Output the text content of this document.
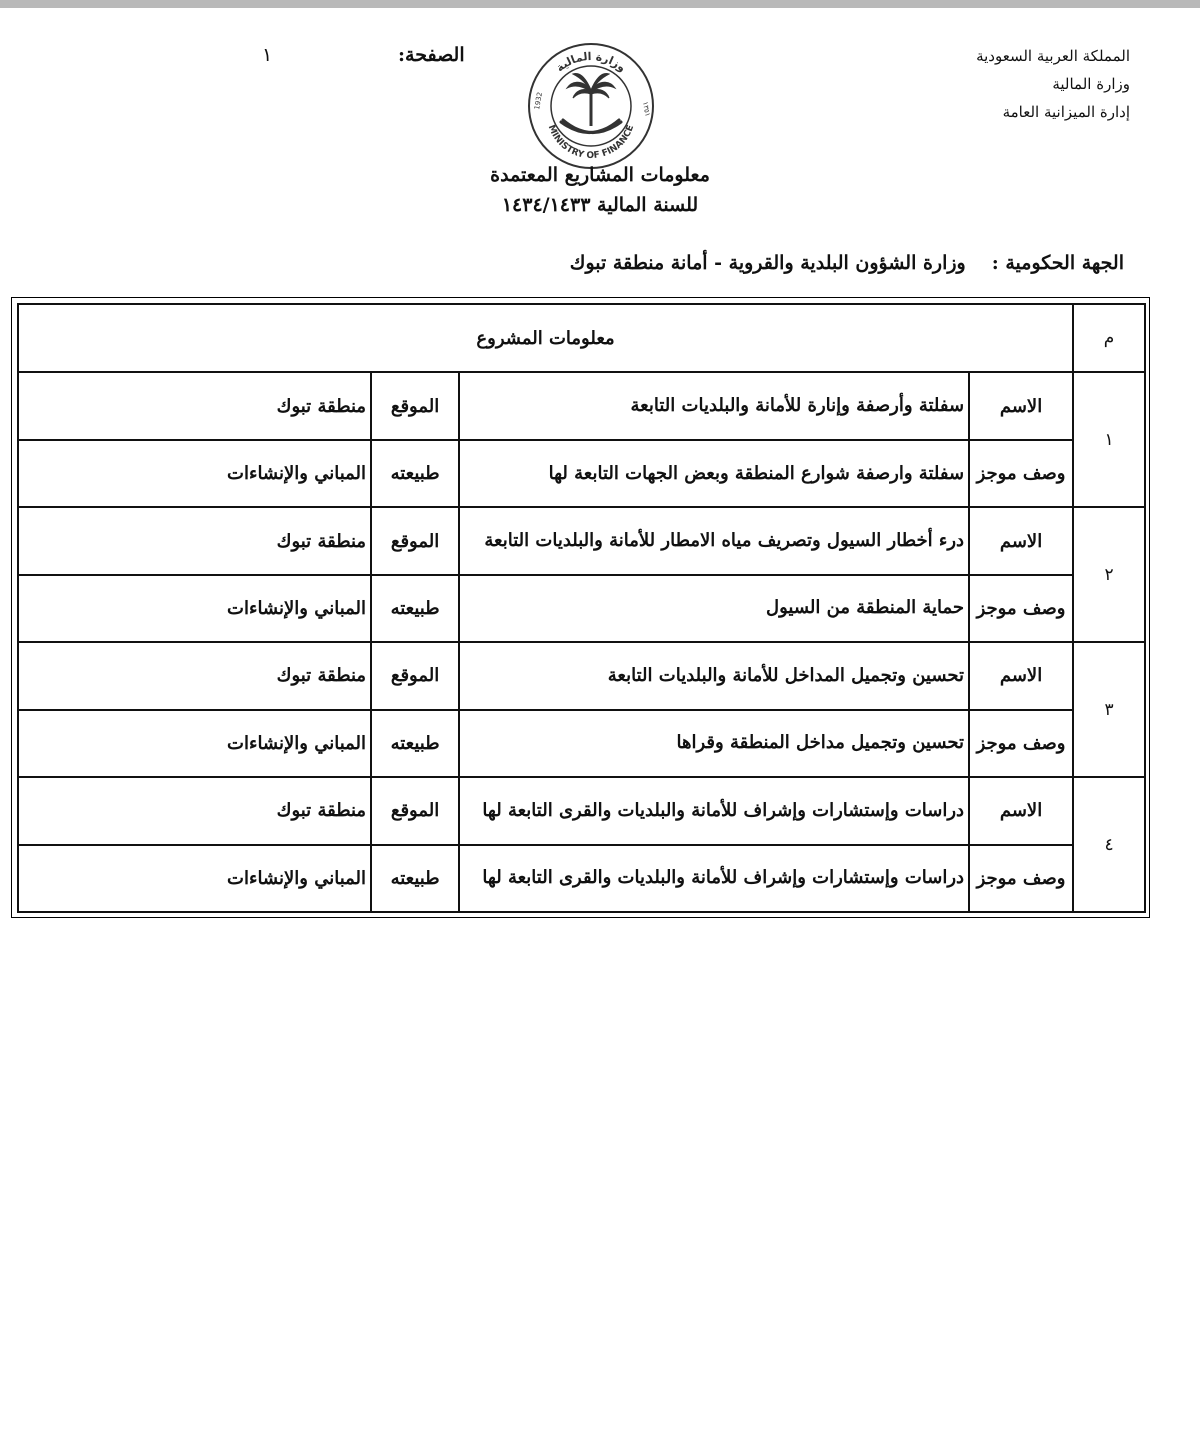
المملكة العربية السعودية
وزارة المالية
إدارة الميزانية العامة
الصفحة:
١
وزارة المالية
MINISTRY OF FINANCE
1932	١٣٥١
معلومات المشاريع المعتمدة
للسنة المالية ١٤٣٤/١٤٣٣
الجهة الحكومية :وزارة الشؤون البلدية والقروية - أمانة منطقة تبوك
م	معلومات المشروع			
١	الاسم	سفلتة وأرصفة وإنارة للأمانة والبلديات التابعة	الموقع	منطقة تبوك
	وصف موجز	سفلتة وارصفة شوارع المنطقة وبعض الجهات التابعة لها	طبيعته	المباني والإنشاءات
٢	الاسم	درء أخطار السيول وتصريف مياه الامطار للأمانة والبلديات التابعة	الموقع	منطقة تبوك
	وصف موجز	حماية المنطقة من السيول	طبيعته	المباني والإنشاءات
٣	الاسم	تحسين وتجميل المداخل للأمانة والبلديات التابعة	الموقع	منطقة تبوك
	وصف موجز	تحسين وتجميل مداخل المنطقة وقراها	طبيعته	المباني والإنشاءات
٤	الاسم	دراسات وإستشارات وإشراف للأمانة والبلديات والقرى التابعة لها	الموقع	منطقة تبوك
	وصف موجز	دراسات وإستشارات وإشراف للأمانة والبلديات والقرى التابعة لها	طبيعته	المباني والإنشاءات
